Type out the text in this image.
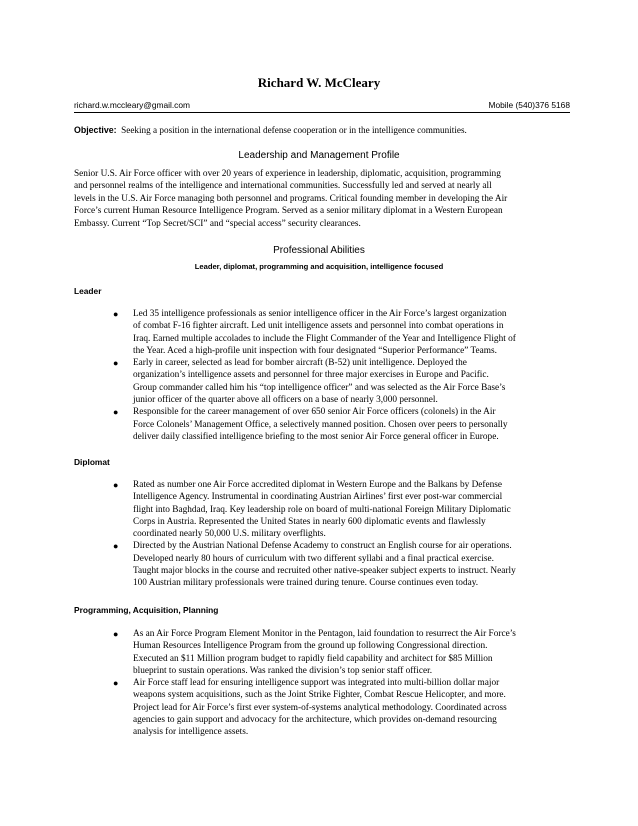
Richard W. McCleary
richard.w.mccleary@gmail.com	Mobile (540)376 5168
Objective: Seeking a position in the international defense cooperation or in the intelligence communities.
Leadership and Management Profile
Senior U.S. Air Force officer with over 20 years of experience in leadership, diplomatic, acquisition, programming
and personnel realms of the intelligence and international communities. Successfully led and served at nearly all
levels in the U.S. Air Force managing both personnel and programs. Critical founding member in developing the Air
Force’s current Human Resource Intelligence Program. Served as a senior military diplomat in a Western European
Embassy. Current “Top Secret/SCI” and “special access” security clearances.
Professional Abilities
Leader, diplomat, programming and acquisition, intelligence focused
Leader
● Led 35 intelligence professionals as senior intelligence officer in the Air Force’s largest organization
of combat F-16 fighter aircraft. Led unit intelligence assets and personnel into combat operations in
Iraq. Earned multiple accolades to include the Flight Commander of the Year and Intelligence Flight of
the Year. Aced a high-profile unit inspection with four designated “Superior Performance” Teams.
● Early in career, selected as lead for bomber aircraft (B-52) unit intelligence. Deployed the
organization’s intelligence assets and personnel for three major exercises in Europe and Pacific.
Group commander called him his “top intelligence officer” and was selected as the Air Force Base’s
junior officer of the quarter above all officers on a base of nearly 3,000 personnel.
● Responsible for the career management of over 650 senior Air Force officers (colonels) in the Air
Force Colonels’ Management Office, a selectively manned position. Chosen over peers to personally
deliver daily classified intelligence briefing to the most senior Air Force general officer in Europe.
Diplomat
● Rated as number one Air Force accredited diplomat in Western Europe and the Balkans by Defense
Intelligence Agency. Instrumental in coordinating Austrian Airlines’ first ever post-war commercial
flight into Baghdad, Iraq. Key leadership role on board of multi-national Foreign Military Diplomatic
Corps in Austria. Represented the United States in nearly 600 diplomatic events and flawlessly
coordinated nearly 50,000 U.S. military overflights.
● Directed by the Austrian National Defense Academy to construct an English course for air operations.
Developed nearly 80 hours of curriculum with two different syllabi and a final practical exercise.
Taught major blocks in the course and recruited other native-speaker subject experts to instruct. Nearly
100 Austrian military professionals were trained during tenure. Course continues even today.
Programming, Acquisition, Planning
● As an Air Force Program Element Monitor in the Pentagon, laid foundation to resurrect the Air Force’s
Human Resources Intelligence Program from the ground up following Congressional direction.
Executed an $11 Million program budget to rapidly field capability and architect for $85 Million
blueprint to sustain operations. Was ranked the division’s top senior staff officer.
● Air Force staff lead for ensuring intelligence support was integrated into multi-billion dollar major
weapons system acquisitions, such as the Joint Strike Fighter, Combat Rescue Helicopter, and more.
Project lead for Air Force’s first ever system-of-systems analytical methodology. Coordinated across
agencies to gain support and advocacy for the architecture, which provides on-demand resourcing
analysis for intelligence assets.
